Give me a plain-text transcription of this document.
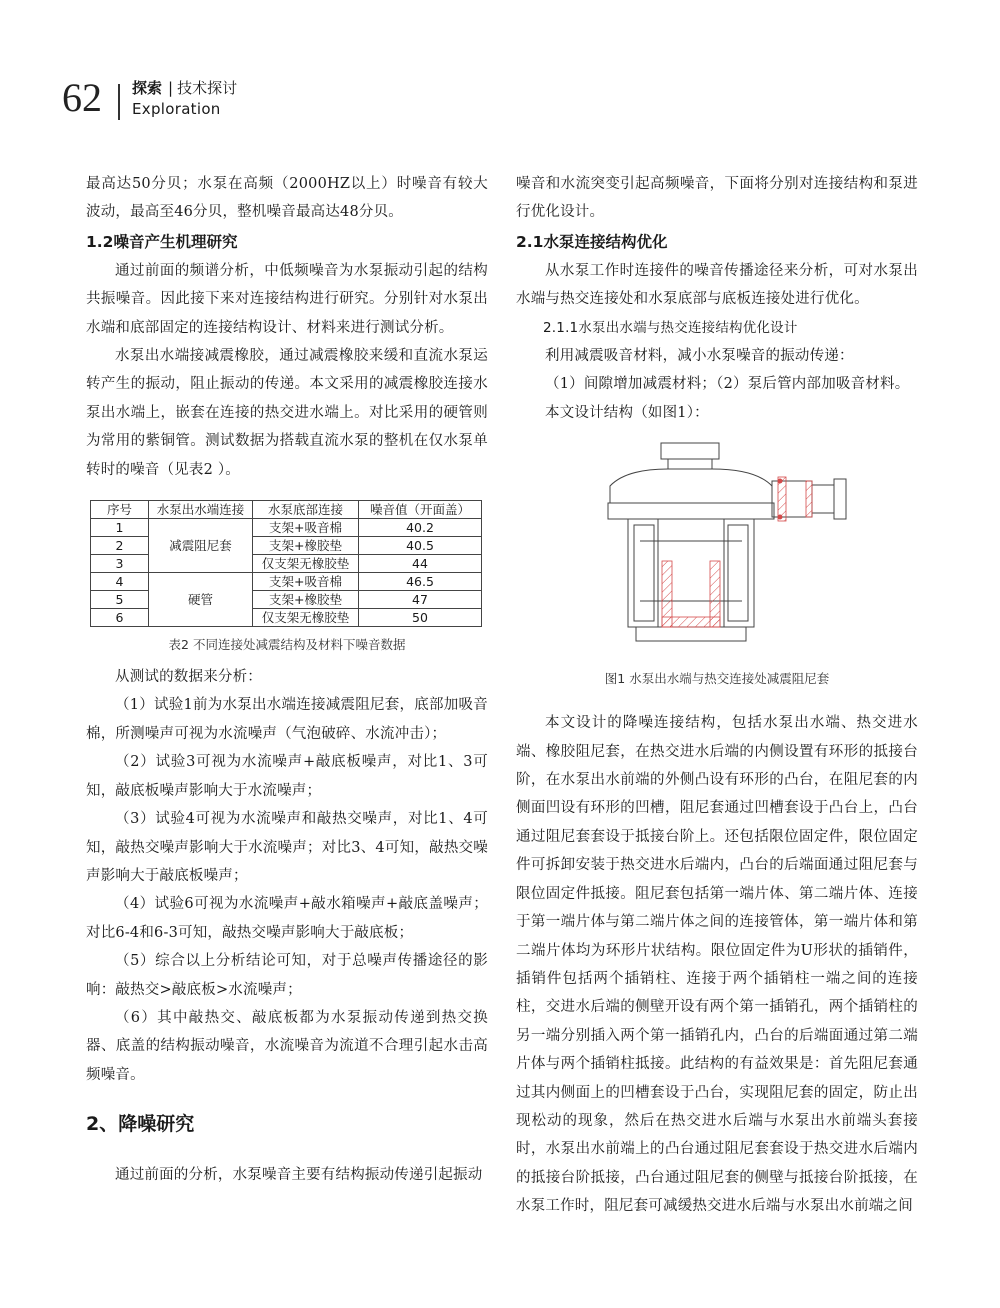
62 探索 | 技术探讨
Exploration

最高达50分贝；水泵在高频（2000HZ以上）时噪音有较大波动，最高至46分贝，整机噪音最高达48分贝。

1.2噪音产生机理研究

通过前面的频谱分析，中低频噪音为水泵振动引起的结构共振噪音。因此接下来对连接结构进行研究。分别针对水泵出水端和底部固定的连接结构设计、材料来进行测试分析。

水泵出水端接减震橡胶，通过减震橡胶来缓和直流水泵运转产生的振动，阻止振动的传递。本文采用的减震橡胶连接水泵出水端上，嵌套在连接的热交进水端上。对比采用的硬管则为常用的紫铜管。测试数据为搭载直流水泵的整机在仅水泵单转时的噪音（见表2 ）。

序号	水泵出水端连接	水泵底部连接	噪音值（开面盖）
1	减震阻尼套	支架+吸音棉	40.2
2		支架+橡胶垫	40.5
3		仅支架无橡胶垫	44
4	硬管	支架+吸音棉	46.5
5		支架+橡胶垫	47
6		仅支架无橡胶垫	50
表2 不同连接处减震结构及材料下噪音数据

从测试的数据来分析：

（1）试验1前为水泵出水端连接减震阻尼套，底部加吸音棉，所测噪声可视为水流噪声（气泡破碎、水流冲击）；

（2）试验3可视为水流噪声+敲底板噪声，对比1、3可知，敲底板噪声影响大于水流噪声；

（3）试验4可视为水流噪声和敲热交噪声，对比1、4可知，敲热交噪声影响大于水流噪声；对比3、4可知，敲热交噪声影响大于敲底板噪声；

（4）试验6可视为水流噪声+敲水箱噪声+敲底盖噪声；对比6-4和6-3可知，敲热交噪声影响大于敲底板；

（5）综合以上分析结论可知，对于总噪声传播途径的影响：敲热交>敲底板>水流噪声；

（6）其中敲热交、敲底板都为水泵振动传递到热交换器、底盖的结构振动噪音，水流噪音为流道不合理引起水击高频噪音。

2、降噪研究

通过前面的分析，水泵噪音主要有结构振动传递引起振动

噪音和水流突变引起高频噪音，下面将分别对连接结构和泵进行优化设计。

2.1水泵连接结构优化

从水泵工作时连接件的噪音传播途径来分析，可对水泵出水端与热交连接处和水泵底部与底板连接处进行优化。

2.1.1水泵出水端与热交连接结构优化设计

利用减震吸音材料，减小水泵噪音的振动传递：

（1）间隙增加减震材料；（2）泵后管内部加吸音材料。

本文设计结构（如图1）：

图1 水泵出水端与热交连接处减震阻尼套

本文设计的降噪连接结构，包括水泵出水端、热交进水端、橡胶阻尼套，在热交进水后端的内侧设置有环形的抵接台阶，在水泵出水前端的外侧凸设有环形的凸台，在阻尼套的内侧面凹设有环形的凹槽，阻尼套通过凹槽套设于凸台上，凸台通过阻尼套套设于抵接台阶上。还包括限位固定件，限位固定件可拆卸安装于热交进水后端内，凸台的后端面通过阻尼套与限位固定件抵接。阻尼套包括第一端片体、第二端片体、连接于第一端片体与第二端片体之间的连接管体，第一端片体和第二端片体均为环形片状结构。限位固定件为U形状的插销件，插销件包括两个插销柱、连接于两个插销柱一端之间的连接柱，交进水后端的侧壁开设有两个第一插销孔，两个插销柱的另一端分别插入两个第一插销孔内，凸台的后端面通过第二端片体与两个插销柱抵接。此结构的有益效果是：首先阻尼套通过其内侧面上的凹槽套设于凸台，实现阻尼套的固定，防止出现松动的现象，然后在热交进水后端与水泵出水前端头套接时，水泵出水前端上的凸台通过阻尼套套设于热交进水后端内的抵接台阶抵接，凸台通过阻尼套的侧壁与抵接台阶抵接，在水泵工作时，阻尼套可减缓热交进水后端与水泵出水前端之间
